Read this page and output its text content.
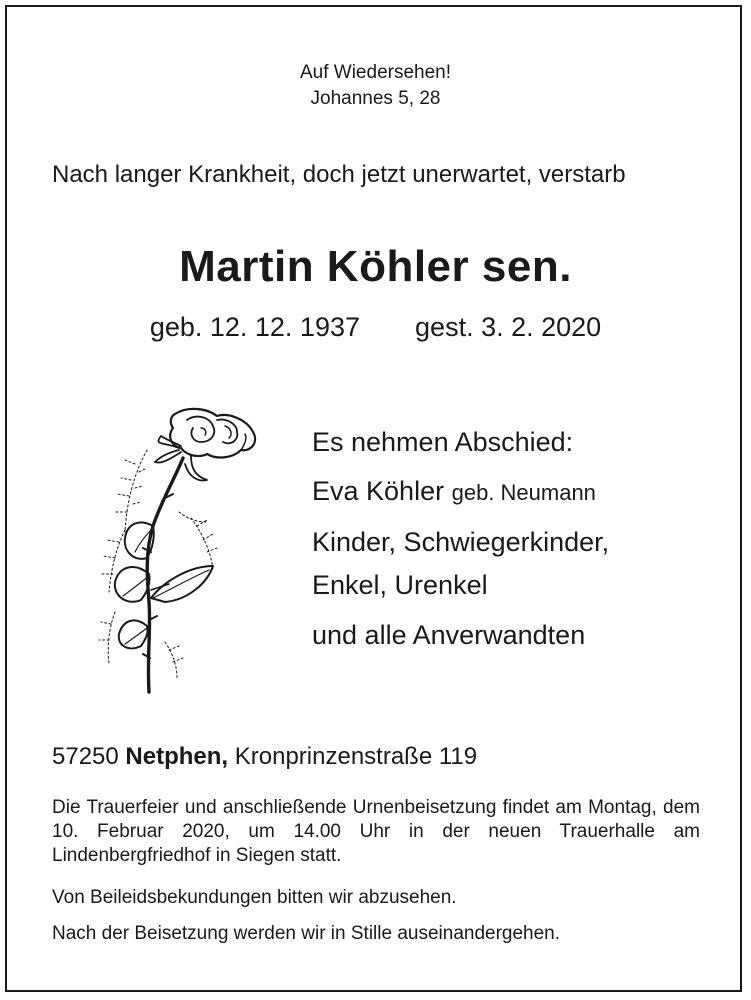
Auf Wiedersehen!
Johannes 5, 28
Nach langer Krankheit, doch jetzt unerwartet, verstarb
Martin Köhler sen.
geb. 12. 12. 1937 gest. 3. 2. 2020
Es nehmen Abschied:
Eva Köhler geb. Neumann
Kinder, Schwiegerkinder,
Enkel, Urenkel
und alle Anverwandten
57250 Netphen, Kronprinzenstraße 119
Die Trauerfeier und anschließende Urnenbeisetzung findet am Montag, dem 10. Februar 2020, um 14.00 Uhr in der neuen Trauerhalle am Lindenbergfriedhof in Siegen statt.
Von Beileidsbekundungen bitten wir abzusehen.
Nach der Beisetzung werden wir in Stille auseinandergehen.
